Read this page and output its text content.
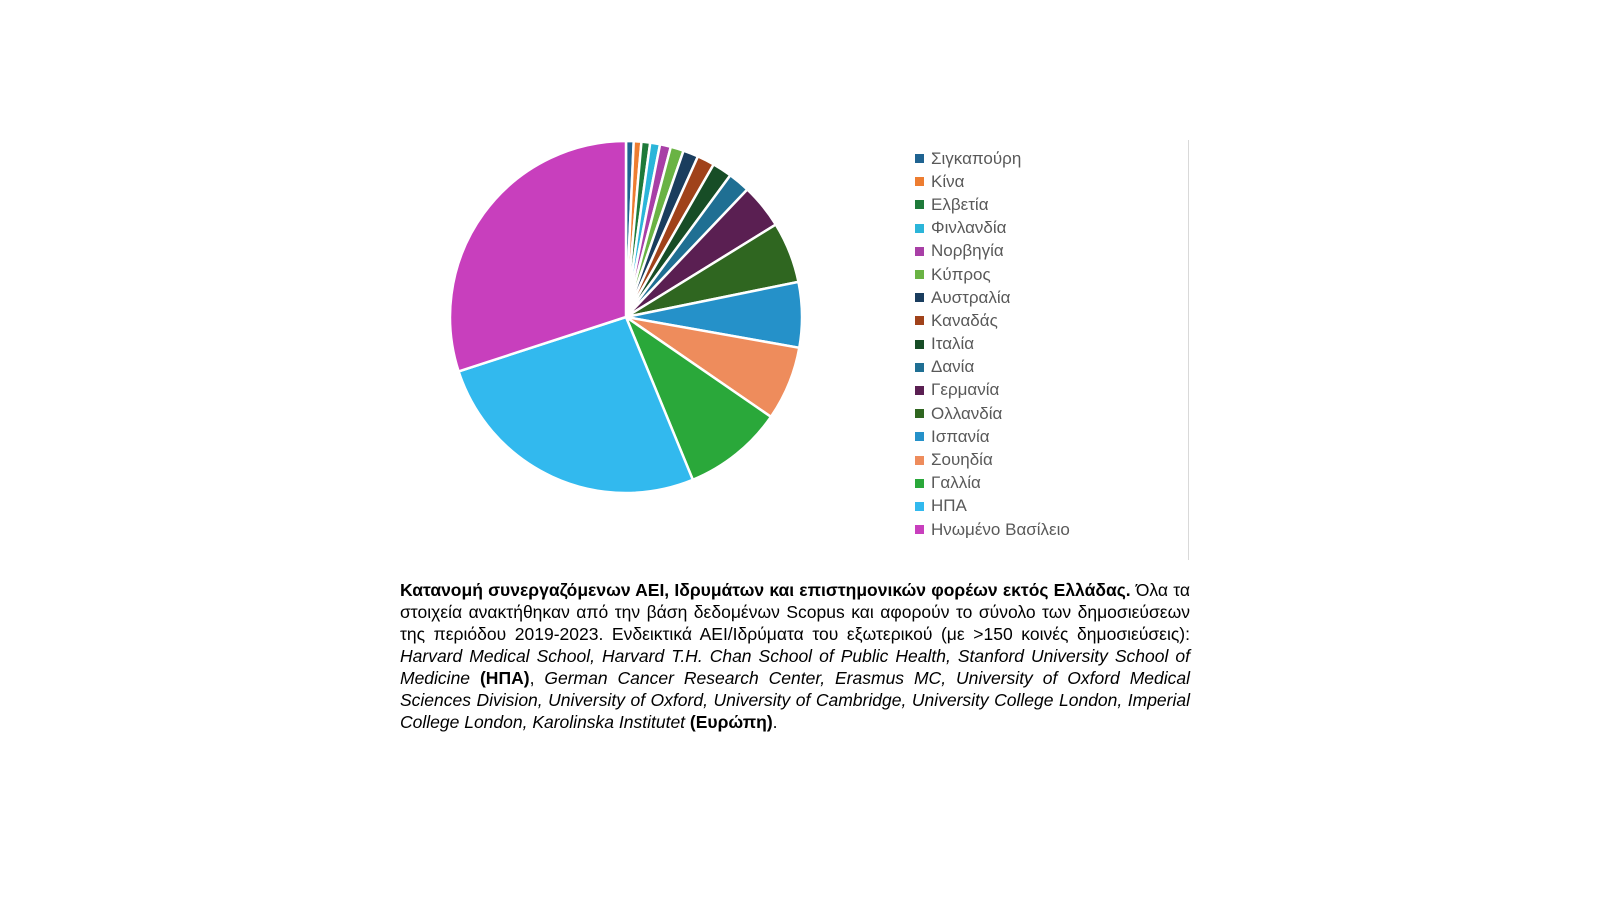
Σιγκαπούρη
Κίνα
Ελβετία
Φινλανδία
Νορβηγία
Κύπρος
Αυστραλία
Καναδάς
Ιταλία
Δανία
Γερμανία
Ολλανδία
Ισπανία
Σουηδία
Γαλλία
ΗΠΑ
Ηνωμένο Βασίλειο
Κατανομή συνεργαζόμενων ΑΕΙ, Ιδρυμάτων και επιστημονικών φορέων εκτός Ελλάδας. Όλα τα στοιχεία ανακτήθηκαν από την βάση δεδομένων Scopus και αφορούν το σύνολο των δημοσιεύσεων της περιόδου 2019-2023. Ενδεικτικά ΑΕΙ/Ιδρύματα του εξωτερικού (με >150 κοινές δημοσιεύσεις): Harvard Medical School, Harvard T.H. Chan School of Public Health, Stanford University School of Medicine (ΗΠΑ), German Cancer Research Center, Erasmus MC, University of Oxford Medical Sciences Division, University of Oxford, University of Cambridge, University College London, Imperial College London, Karolinska Institutet (Ευρώπη).
